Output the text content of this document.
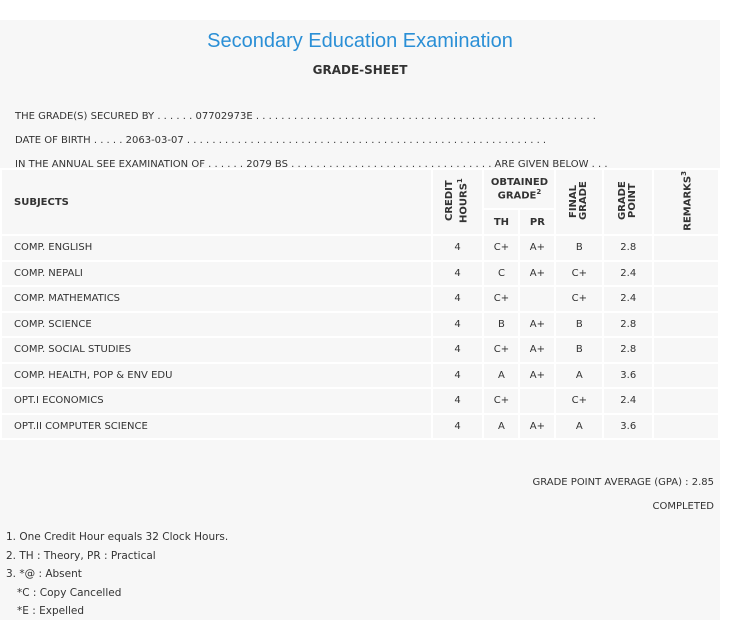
Secondary Education Examination
GRADE-SHEET
THE GRADE(S) SECURED BY . . . . . . 07702973E . . . . . . . . . . . . . . . . . . . . . . . . . . . . . . . . . . . . . . . . . . . . . . . . . . . . . .
DATE OF BIRTH . . . . . 2063-03-07 . . . . . . . . . . . . . . . . . . . . . . . . . . . . . . . . . . . . . . . . . . . . . . . . . . . . . . . . .
IN THE ANNUAL SEE EXAMINATION OF . . . . . . 2079 BS . . . . . . . . . . . . . . . . . . . . . . . . . . . . . . . . ARE GIVEN BELOW . . .
SUBJECTS	CREDIT HOURS$^1$	OBTAINED GRADE$^2$		FINAL GRADE	GRADE POINT	REMARKS$^3$
		TH	PR			
COMP. ENGLISH	4	C+	A+	B	2.8	
COMP. NEPALI	4	C	A+	C+	2.4	
COMP. MATHEMATICS	4	C+		C+	2.4	
COMP. SCIENCE	4	B	A+	B	2.8	
COMP. SOCIAL STUDIES	4	C+	A+	B	2.8	
COMP. HEALTH, POP & ENV EDU	4	A	A+	A	3.6	
OPT.I ECONOMICS	4	C+		C+	2.4	
OPT.II COMPUTER SCIENCE	4	A	A+	A	3.6	
GRADE POINT AVERAGE (GPA) : 2.85
COMPLETED
1. One Credit Hour equals 32 Clock Hours.
2. TH : Theory, PR : Practical
3. *@ : Absent
*C : Copy Cancelled
*E : Expelled
